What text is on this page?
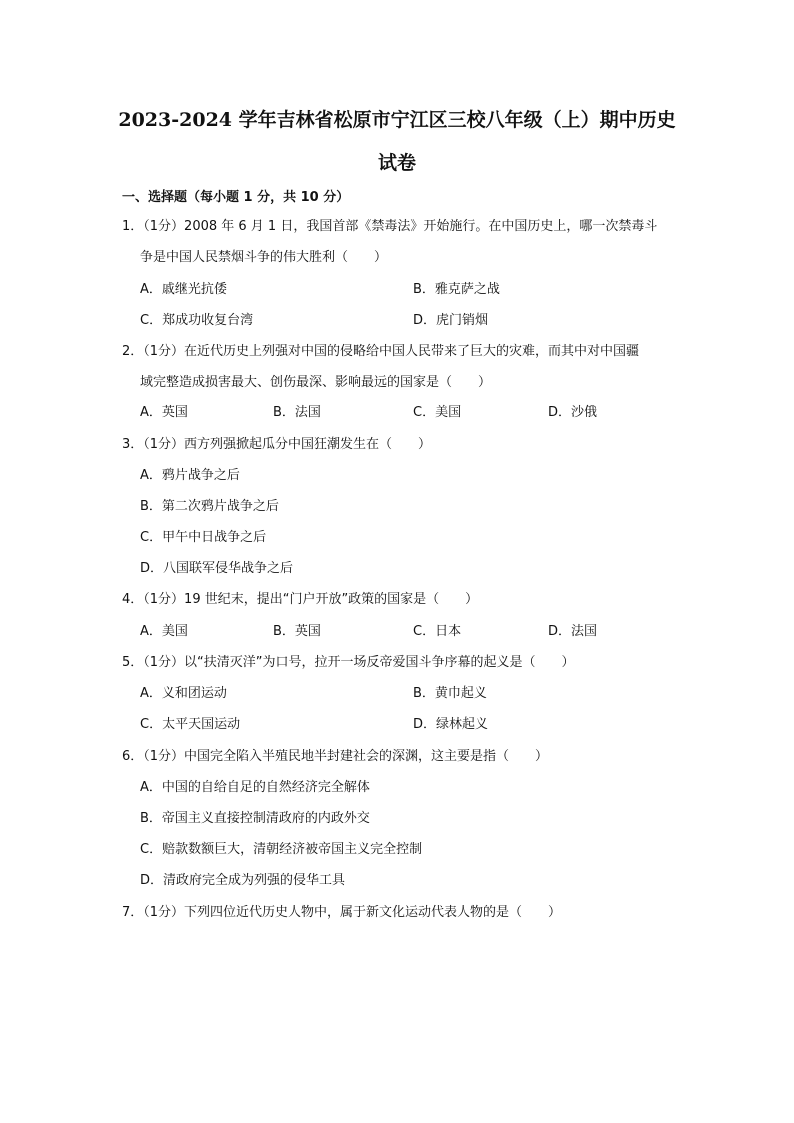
2023-2024 学年吉林省松原市宁江区三校八年级（上）期中历史
试卷
一、选择题（每小题 1 分，共 10 分）
1．（1分）2008 年 6 月 1 日，我国首部《禁毒法》开始施行。在中国历史上，哪一次禁毒斗
争是中国人民禁烟斗争的伟大胜利（　　）
A．戚继光抗倭	B．雅克萨之战
C．郑成功收复台湾	D．虎门销烟
2．（1分）在近代历史上列强对中国的侵略给中国人民带来了巨大的灾难，而其中对中国疆
域完整造成损害最大、创伤最深、影响最远的国家是（　　）
A．英国	B．法国	C．美国	D．沙俄
3．（1分）西方列强掀起瓜分中国狂潮发生在（　　）
A．鸦片战争之后
B．第二次鸦片战争之后
C．甲午中日战争之后
D．八国联军侵华战争之后
4．（1分）19 世纪末，提出“门户开放”政策的国家是（　　）
A．美国	B．英国	C．日本	D．法国
5．（1分）以“扶清灭洋”为口号，拉开一场反帝爱国斗争序幕的起义是（　　）
A．义和团运动	B．黄巾起义
C．太平天国运动	D．绿林起义
6．（1分）中国完全陷入半殖民地半封建社会的深渊，这主要是指（　　）
A．中国的自给自足的自然经济完全解体
B．帝国主义直接控制清政府的内政外交
C．赔款数额巨大，清朝经济被帝国主义完全控制
D．清政府完全成为列强的侵华工具
7．（1分）下列四位近代历史人物中，属于新文化运动代表人物的是（　　）
